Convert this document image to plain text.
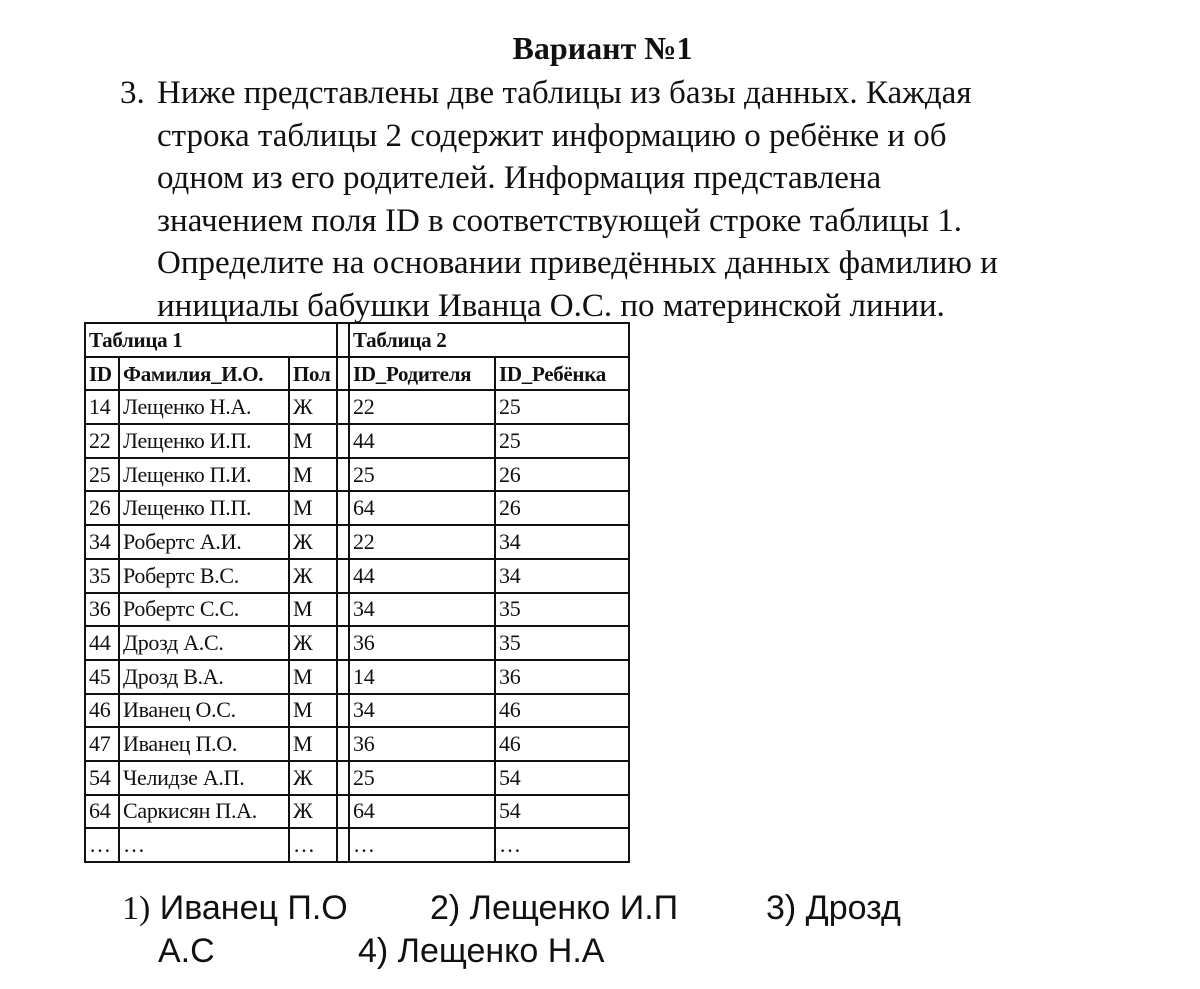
Вариант №1
3. Ниже представлены две таблицы из базы данных. Каждая
строка таблицы 2 содержит информацию о ребёнке и об
одном из его родителей. Информация представлена
значением поля ID в соответствующей строке таблицы 1.
Определите на основании приведённых данных фамилию и
инициалы бабушки Иванца О.С. по материнской линии.
Таблица 1				Таблица 2	
ID	Фамилия_И.О.	Пол		ID_Родителя	ID_Ребёнка
14	Лещенко Н.А.	Ж		22	25
22	Лещенко И.П.	М		44	25
25	Лещенко П.И.	М		25	26
26	Лещенко П.П.	М		64	26
34	Робертс А.И.	Ж		22	34
35	Робертс В.С.	Ж		44	34
36	Робертс С.С.	М		34	35
44	Дрозд А.С.	Ж		36	35
45	Дрозд В.А.	М		14	36
46	Иванец О.С.	М		34	46
47	Иванец П.О.	М		36	46
54	Челидзе А.П.	Ж		25	54
64	Саркисян П.А.	Ж		64	54
…	…	…		…	…
1) Иванец П.О 2) Лещенко И.П	3) Дрозд
А.С	4) Лещенко Н.А
